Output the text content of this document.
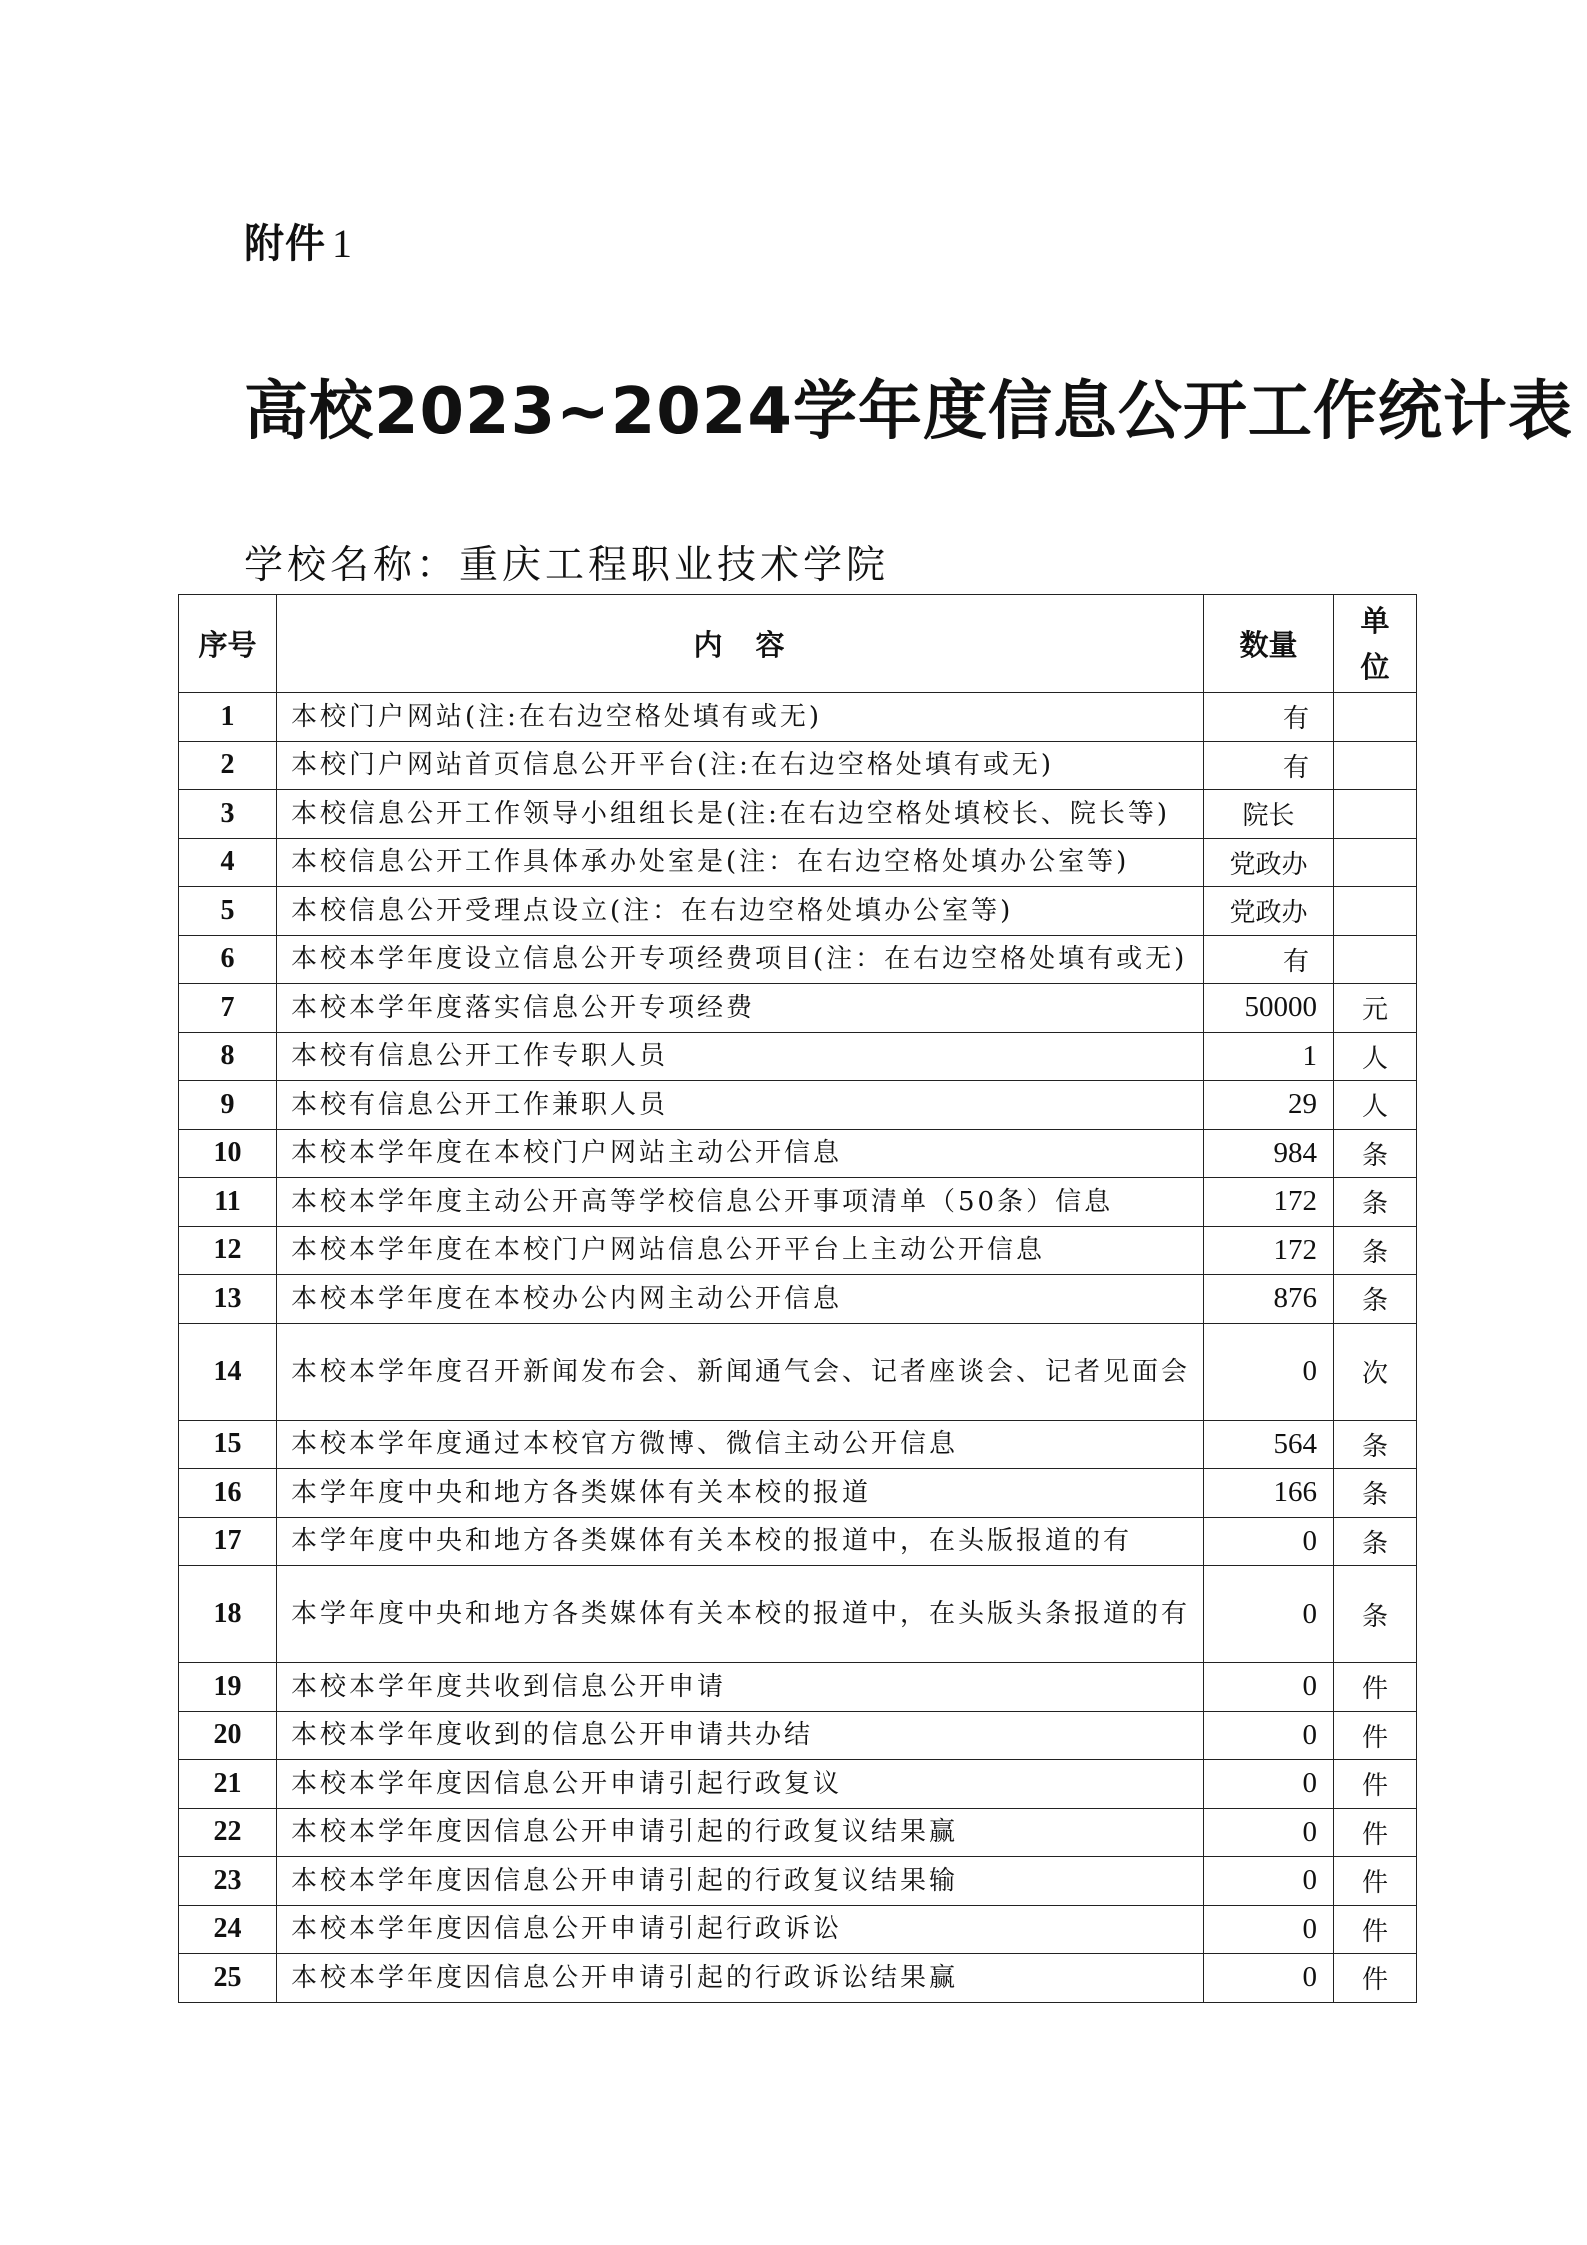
附件 1
高校2023~2024学年度信息公开工作统计表
学校名称：重庆工程职业技术学院
序号	内　容	数量	单
位

1	本校门户网站(注:在右边空格处填有或无)	有	
2	本校门户网站首页信息公开平台(注:在右边空格处填有或无)	有	
3	本校信息公开工作领导小组组长是(注:在右边空格处填校长、院长等)	院长	
4	本校信息公开工作具体承办处室是(注：在右边空格处填办公室等)	党政办	
5	本校信息公开受理点设立(注：在右边空格处填办公室等)	党政办	
6	本校本学年度设立信息公开专项经费项目(注：在右边空格处填有或无)	有	
7	本校本学年度落实信息公开专项经费	50000	元
8	本校有信息公开工作专职人员	1	人
9	本校有信息公开工作兼职人员	29	人
10	本校本学年度在本校门户网站主动公开信息	984	条
11	本校本学年度主动公开高等学校信息公开事项清单（50条）信息	172	条
12	本校本学年度在本校门户网站信息公开平台上主动公开信息	172	条
13	本校本学年度在本校办公内网主动公开信息	876	条
14	本校本学年度召开新闻发布会、新闻通气会、记者座谈会、记者见面会	0	次
15	本校本学年度通过本校官方微博、微信主动公开信息	564	条
16	本学年度中央和地方各类媒体有关本校的报道	166	条
17	本学年度中央和地方各类媒体有关本校的报道中，在头版报道的有	0	条
18	本学年度中央和地方各类媒体有关本校的报道中，在头版头条报道的有	0	条
19	本校本学年度共收到信息公开申请	0	件
20	本校本学年度收到的信息公开申请共办结	0	件
21	本校本学年度因信息公开申请引起行政复议	0	件
22	本校本学年度因信息公开申请引起的行政复议结果赢	0	件
23	本校本学年度因信息公开申请引起的行政复议结果输	0	件
24	本校本学年度因信息公开申请引起行政诉讼	0	件
25	本校本学年度因信息公开申请引起的行政诉讼结果赢	0	件
